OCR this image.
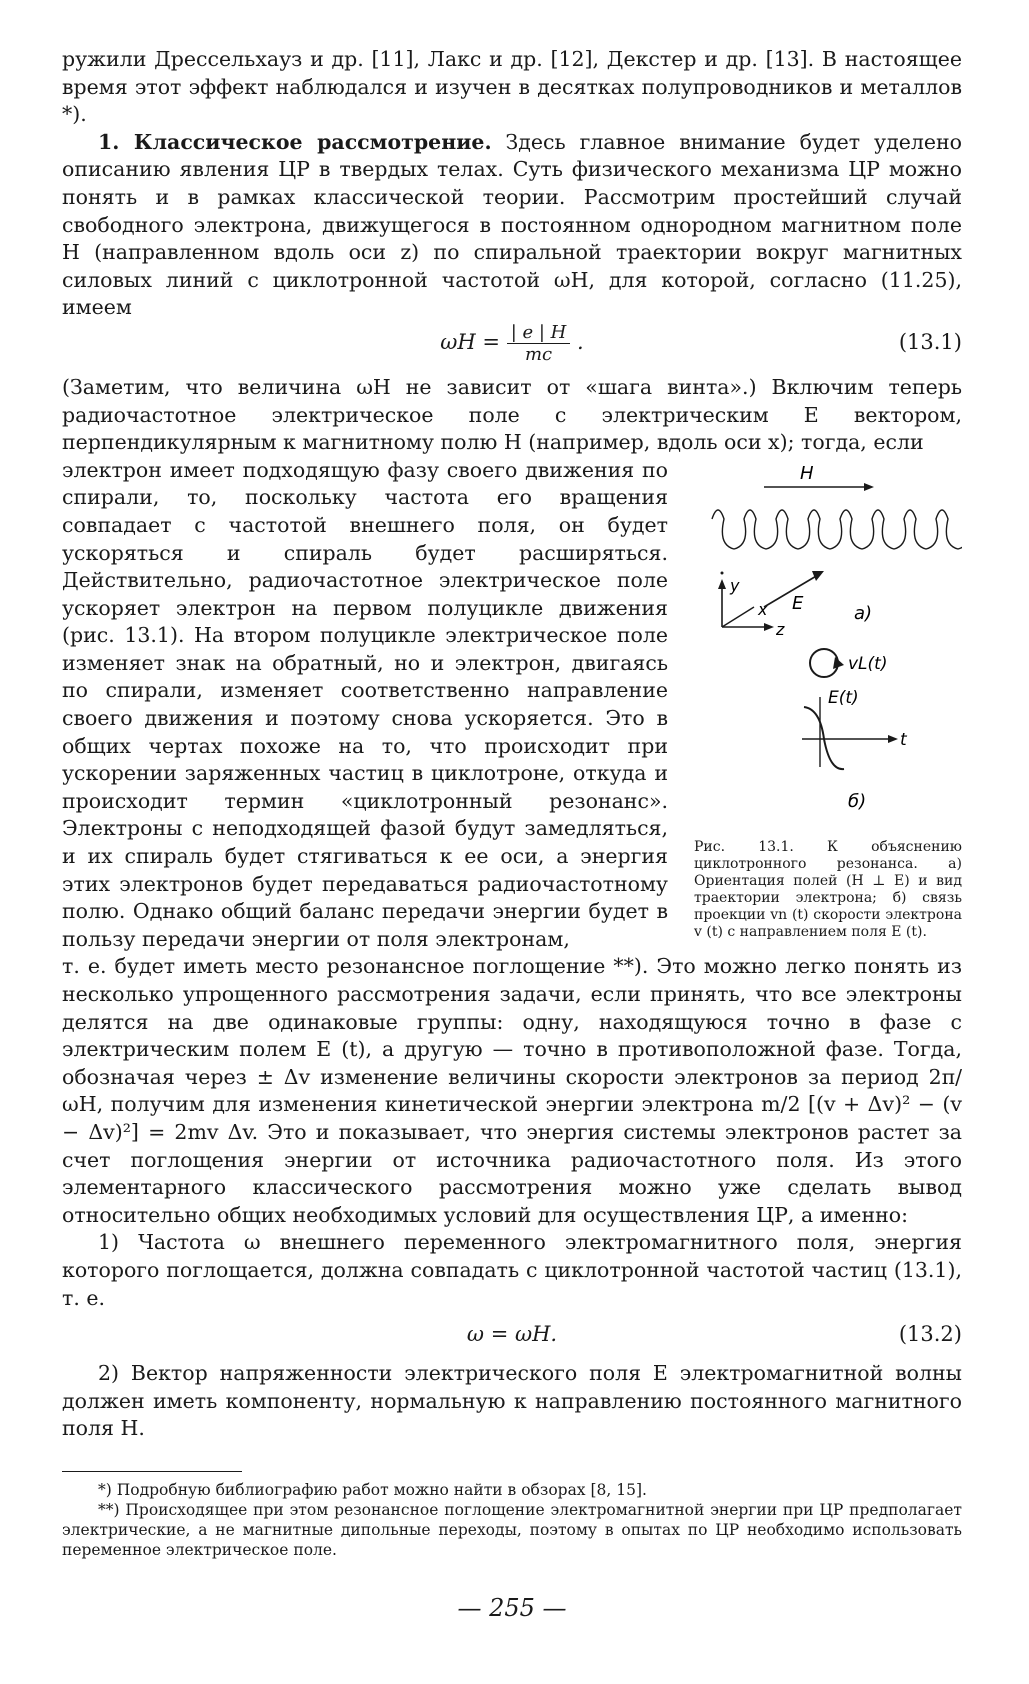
ружили Дрессельхауз и др. [11], Лакс и др. [12], Декстер и др. [13]. В настоящее время этот эффект наблюдался и изучен в десятках полупроводников и металлов *).

1. Классическое рассмотрение. Здесь главное внимание будет уделено описанию явления ЦР в твердых телах. Суть физического механизма ЦР можно понять и в рамках классической теории. Рассмотрим простейший случай свободного электрона, движущегося в постоянном однородном магнитном поле H (направленном вдоль оси z) по спиральной траектории вокруг магнитных силовых линий с циклотронной частотой ωH, для которой, согласно (11.25), имеем

$\omega H = \frac{| e | H}{mc}$ .	(13.1)

(Заметим, что величина ωH не зависит от «шага винта».) Включим теперь радиочастотное электрическое поле с электрическим E вектором, перпендикулярным к магнитному полю H (например, вдоль оси x); тогда, если

электрон имеет подходящую фазу своего движения по спирали, то, поскольку частота его вращения совпадает с частотой внешнего поля, он будет ускоряться и спираль будет расширяться. Действительно, радиочастотное электрическое поле ускоряет электрон на первом полуцикле движения (рис. 13.1). На втором полуцикле электрическое поле изменяет знак на обратный, но и электрон, двигаясь по спирали, изменяет соответственно направление своего движения и поэтому снова ускоряется. Это в общих чертах похоже на то, что происходит при ускорении заряженных частиц в циклотроне, откуда и происходит термин «циклотронный резонанс». Электроны с неподходящей фазой будут замедляться, и их спираль будет стягиваться к ее оси, а энергия этих электронов будет передаваться радиочастотному полю. Однако общий баланс передачи энергии будет в пользу передачи энергии от поля электронам,

H
y
x
z
E	a)
vL(t)
E(t)
t
б)

Рис. 13.1. К объяснению циклотронного резонанса. а) Ориентация полей (H ⊥ E) и вид траектории электрона; б) связь проекции vn (t) скорости электрона v (t) с направлением поля E (t).

т. е. будет иметь место резонансное поглощение **). Это можно легко понять из несколько упрощенного рассмотрения задачи, если принять, что все электроны делятся на две одинаковые группы: одну, находящуюся точно в фазе с электрическим полем E (t), а другую — точно в противоположной фазе. Тогда, обозначая через ± Δv изменение величины скорости электронов за период 2π/ωH, получим для изменения кинетической энергии электрона m/2 [(v + Δv)² − (v − Δv)²] = 2mv Δv. Это и показывает, что энергия системы электронов растет за счет поглощения энергии от источника радиочастотного поля. Из этого элементарного классического рассмотрения можно уже сделать вывод относительно общих необходимых условий для осуществления ЦР, а именно:

1) Частота ω внешнего переменного электромагнитного поля, энергия которого поглощается, должна совпадать с циклотронной частотой частиц (13.1), т. е.

ω = ωH.	(13.2)

2) Вектор напряженности электрического поля E электромагнитной волны должен иметь компоненту, нормальную к направлению постоянного магнитного поля H.

*) Подробную библиографию работ можно найти в обзорах [8, 15].

**) Происходящее при этом резонансное поглощение электромагнитной энергии при ЦР предполагает электрические, а не магнитные дипольные переходы, поэтому в опытах по ЦР необходимо использовать переменное электрическое поле.

— 255 —
